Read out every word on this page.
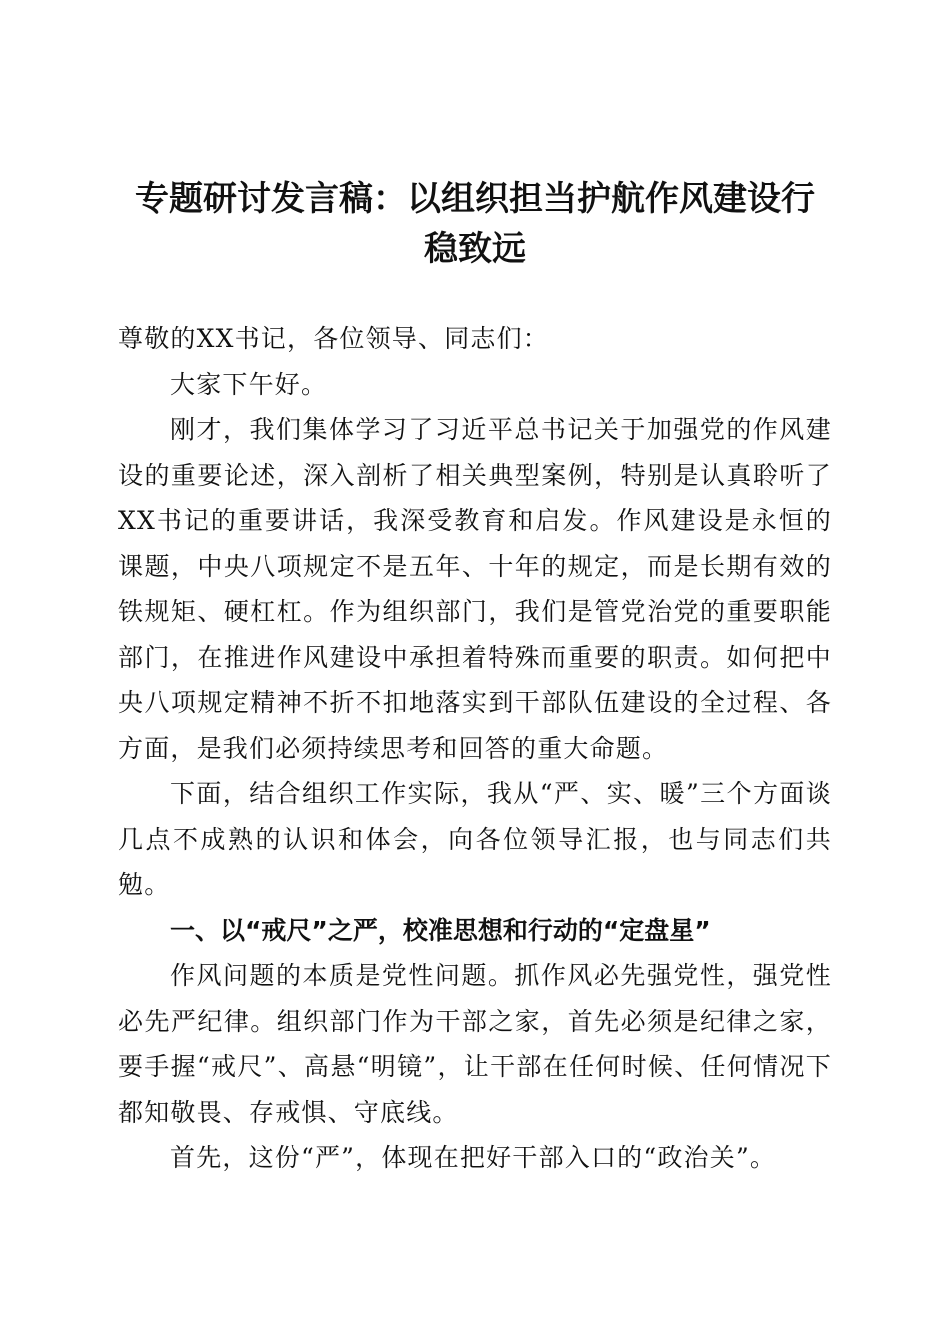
专题研讨发言稿：以组织担当护航作风建设行
稳致远

尊敬的XX书记，各位领导、同志们：

大家下午好。

刚才，我们集体学习了习近平总书记关于加强党的作风建设的重要论述，深入剖析了相关典型案例，特别是认真聆听了XX书记的重要讲话，我深受教育和启发。作风建设是永恒的课题，中央八项规定不是五年、十年的规定，而是长期有效的铁规矩、硬杠杠。作为组织部门，我们是管党治党的重要职能部门，在推进作风建设中承担着特殊而重要的职责。如何把中央八项规定精神不折不扣地落实到干部队伍建设的全过程、各方面，是我们必须持续思考和回答的重大命题。

下面，结合组织工作实际，我从“严、实、暖”三个方面谈几点不成熟的认识和体会，向各位领导汇报，也与同志们共勉。

一、以“戒尺”之严，校准思想和行动的“定盘星”

作风问题的本质是党性问题。抓作风必先强党性，强党性必先严纪律。组织部门作为干部之家，首先必须是纪律之家，要手握“戒尺”、高悬“明镜”，让干部在任何时候、任何情况下都知敬畏、存戒惧、守底线。

首先，这份“严”，体现在把好干部入口的“政治关”。
